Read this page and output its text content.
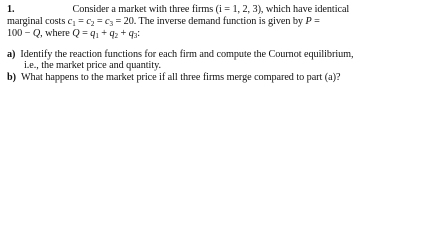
1.	Consider a market with three firms (i = 1, 2, 3), which have identical
marginal costs $c_1 = c_2 = c_3 = 20$. The inverse demand function is given by P =
100 − Q, where $Q = q_1 + q_2 + q_3$:
a) Identify the reaction functions for each firm and compute the Cournot equilibrium,
i.e., the market price and quantity.
b) What happens to the market price if all three firms merge compared to part (a)?
